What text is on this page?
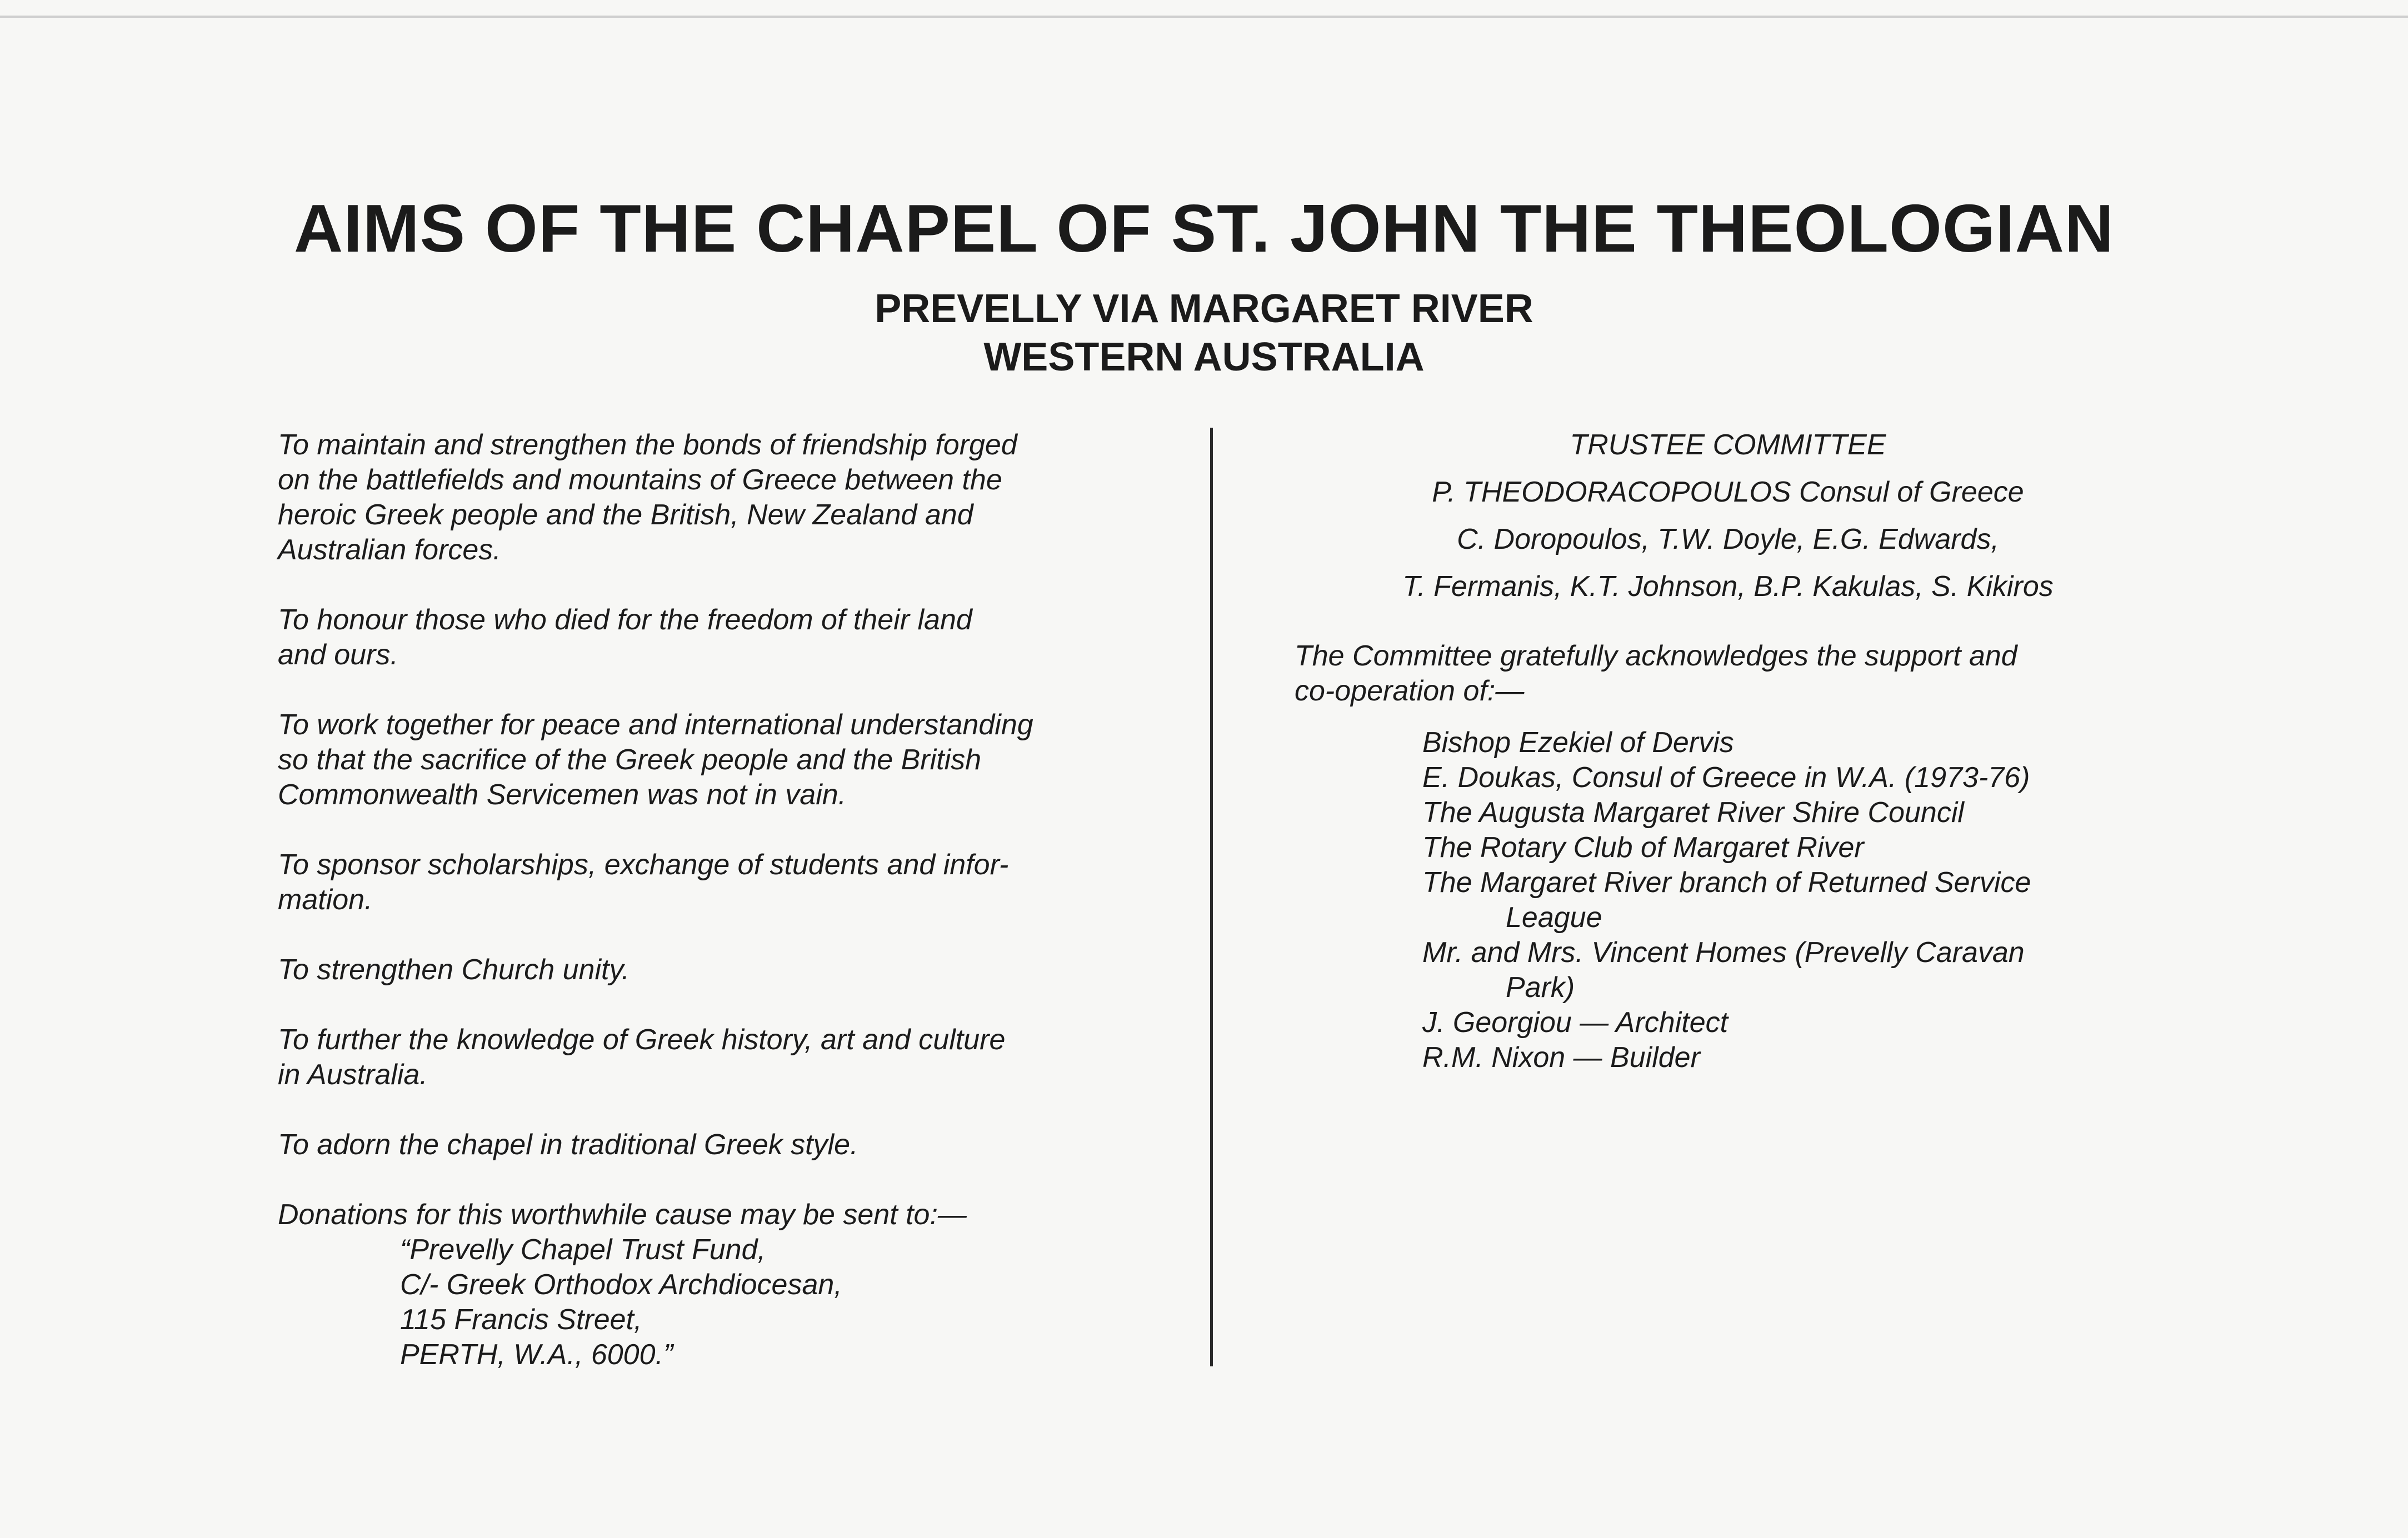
AIMS OF THE CHAPEL OF ST. JOHN THE THEOLOGIAN
PREVELLY VIA MARGARET RIVER
WESTERN AUSTRALIA
To maintain and strengthen the bonds of friendship forged
on the battlefields and mountains of Greece between the
heroic Greek people and the British, New Zealand and
Australian forces.
To honour those who died for the freedom of their land
and ours.
To work together for peace and international understanding
so that the sacrifice of the Greek people and the British
Commonwealth Servicemen was not in vain.
To sponsor scholarships, exchange of students and infor-
mation.
To strengthen Church unity.
To further the knowledge of Greek history, art and culture
in Australia.
To adorn the chapel in traditional Greek style.
Donations for this worthwhile cause may be sent to:—
“Prevelly Chapel Trust Fund,
C/- Greek Orthodox Archdiocesan,
115 Francis Street,
PERTH, W.A., 6000.”
TRUSTEE COMMITTEE
P. THEODORACOPOULOS Consul of Greece
C. Doropoulos, T.W. Doyle, E.G. Edwards,
T. Fermanis, K.T. Johnson, B.P. Kakulas, S. Kikiros
The Committee gratefully acknowledges the support and
co-operation of:—
Bishop Ezekiel of Dervis
E. Doukas, Consul of Greece in W.A. (1973-76)
The Augusta Margaret River Shire Council
The Rotary Club of Margaret River
The Margaret River branch of Returned Service
League
Mr. and Mrs. Vincent Homes (Prevelly Caravan
Park)
J. Georgiou — Architect
R.M. Nixon — Builder
